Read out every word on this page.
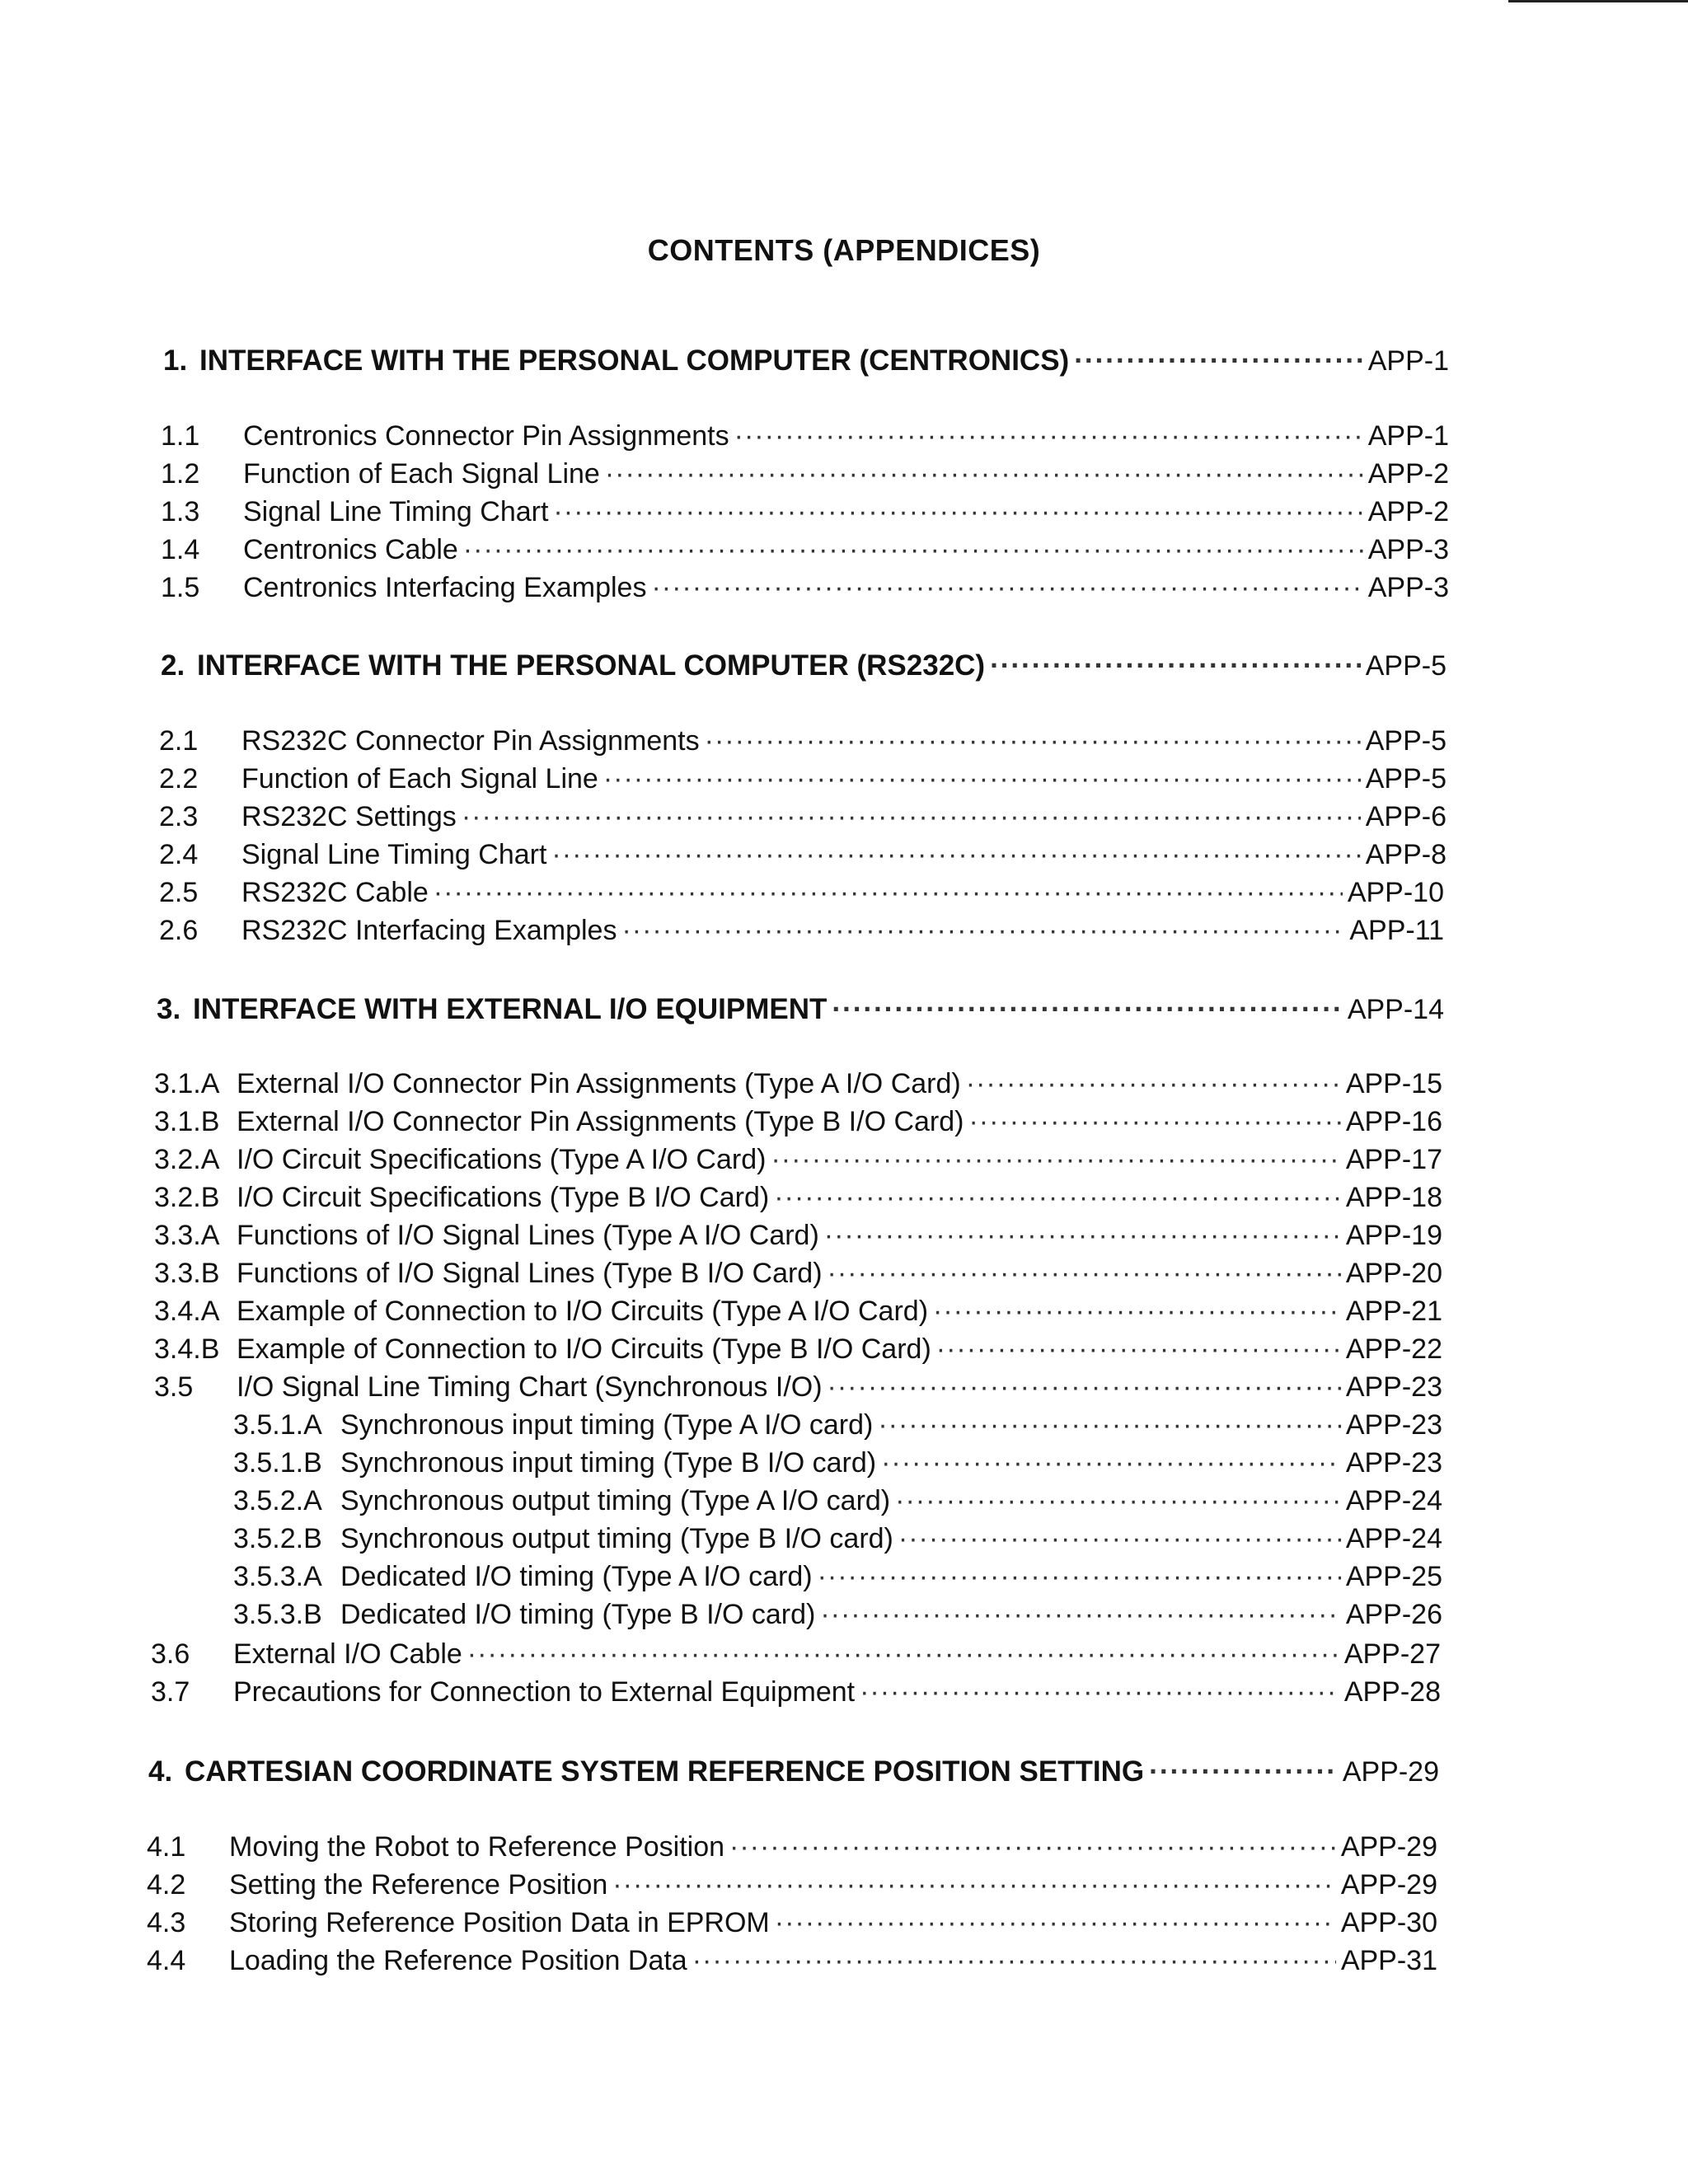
CONTENTS (APPENDICES)
1. INTERFACE WITH THE PERSONAL COMPUTER (CENTRONICS) ·····	APP-1
1.1	Centronics Connector Pin Assignments ·····	APP-1
1.2	Function of Each Signal Line ·····	APP-2
1.3	Signal Line Timing Chart ·····	APP-2
1.4	Centronics Cable ·····	APP-3
1.5	Centronics Interfacing Examples ·····	APP-3
2. INTERFACE WITH THE PERSONAL COMPUTER (RS232C) ·····	APP-5
2.1	RS232C Connector Pin Assignments ·····	APP-5
2.2	Function of Each Signal Line ·····	APP-5
2.3	RS232C Settings ·····	APP-6
2.4	Signal Line Timing Chart ·····	APP-8
2.5	RS232C Cable ·····	APP-10
2.6	RS232C Interfacing Examples ·····	APP-11
3. INTERFACE WITH EXTERNAL I/O EQUIPMENT ·····	APP-14
3.1.A External I/O Connector Pin Assignments (Type A I/O Card) ·····	APP-15
3.1.B External I/O Connector Pin Assignments (Type B I/O Card) ·····	APP-16
3.2.A I/O Circuit Specifications (Type A I/O Card) ·····	APP-17
3.2.B I/O Circuit Specifications (Type B I/O Card) ·····	APP-18
3.3.A Functions of I/O Signal Lines (Type A I/O Card) ·····	APP-19
3.3.B Functions of I/O Signal Lines (Type B I/O Card) ·····	APP-20
3.4.A Example of Connection to I/O Circuits (Type A I/O Card) ·····	APP-21
3.4.B Example of Connection to I/O Circuits (Type B I/O Card) ·····	APP-22
3.5	I/O Signal Line Timing Chart (Synchronous I/O) ·····	APP-23
3.5.1.A Synchronous input timing (Type A I/O card) ·····	APP-23
3.5.1.B Synchronous input timing (Type B I/O card) ·····	APP-23
3.5.2.A Synchronous output timing (Type A I/O card) ·····	APP-24
3.5.2.B Synchronous output timing (Type B I/O card) ·····	APP-24
3.5.3.A Dedicated I/O timing (Type A I/O card) ·····	APP-25
3.5.3.B Dedicated I/O timing (Type B I/O card) ·····	APP-26
3.6	External I/O Cable ·····	APP-27
3.7	Precautions for Connection to External Equipment ·····	APP-28
4. CARTESIAN COORDINATE SYSTEM REFERENCE POSITION SETTING ·····	APP-29
4.1	Moving the Robot to Reference Position ·····	APP-29
4.2	Setting the Reference Position ·····	APP-29
4.3	Storing Reference Position Data in EPROM ·····	APP-30
4.4	Loading the Reference Position Data ·····	APP-31
